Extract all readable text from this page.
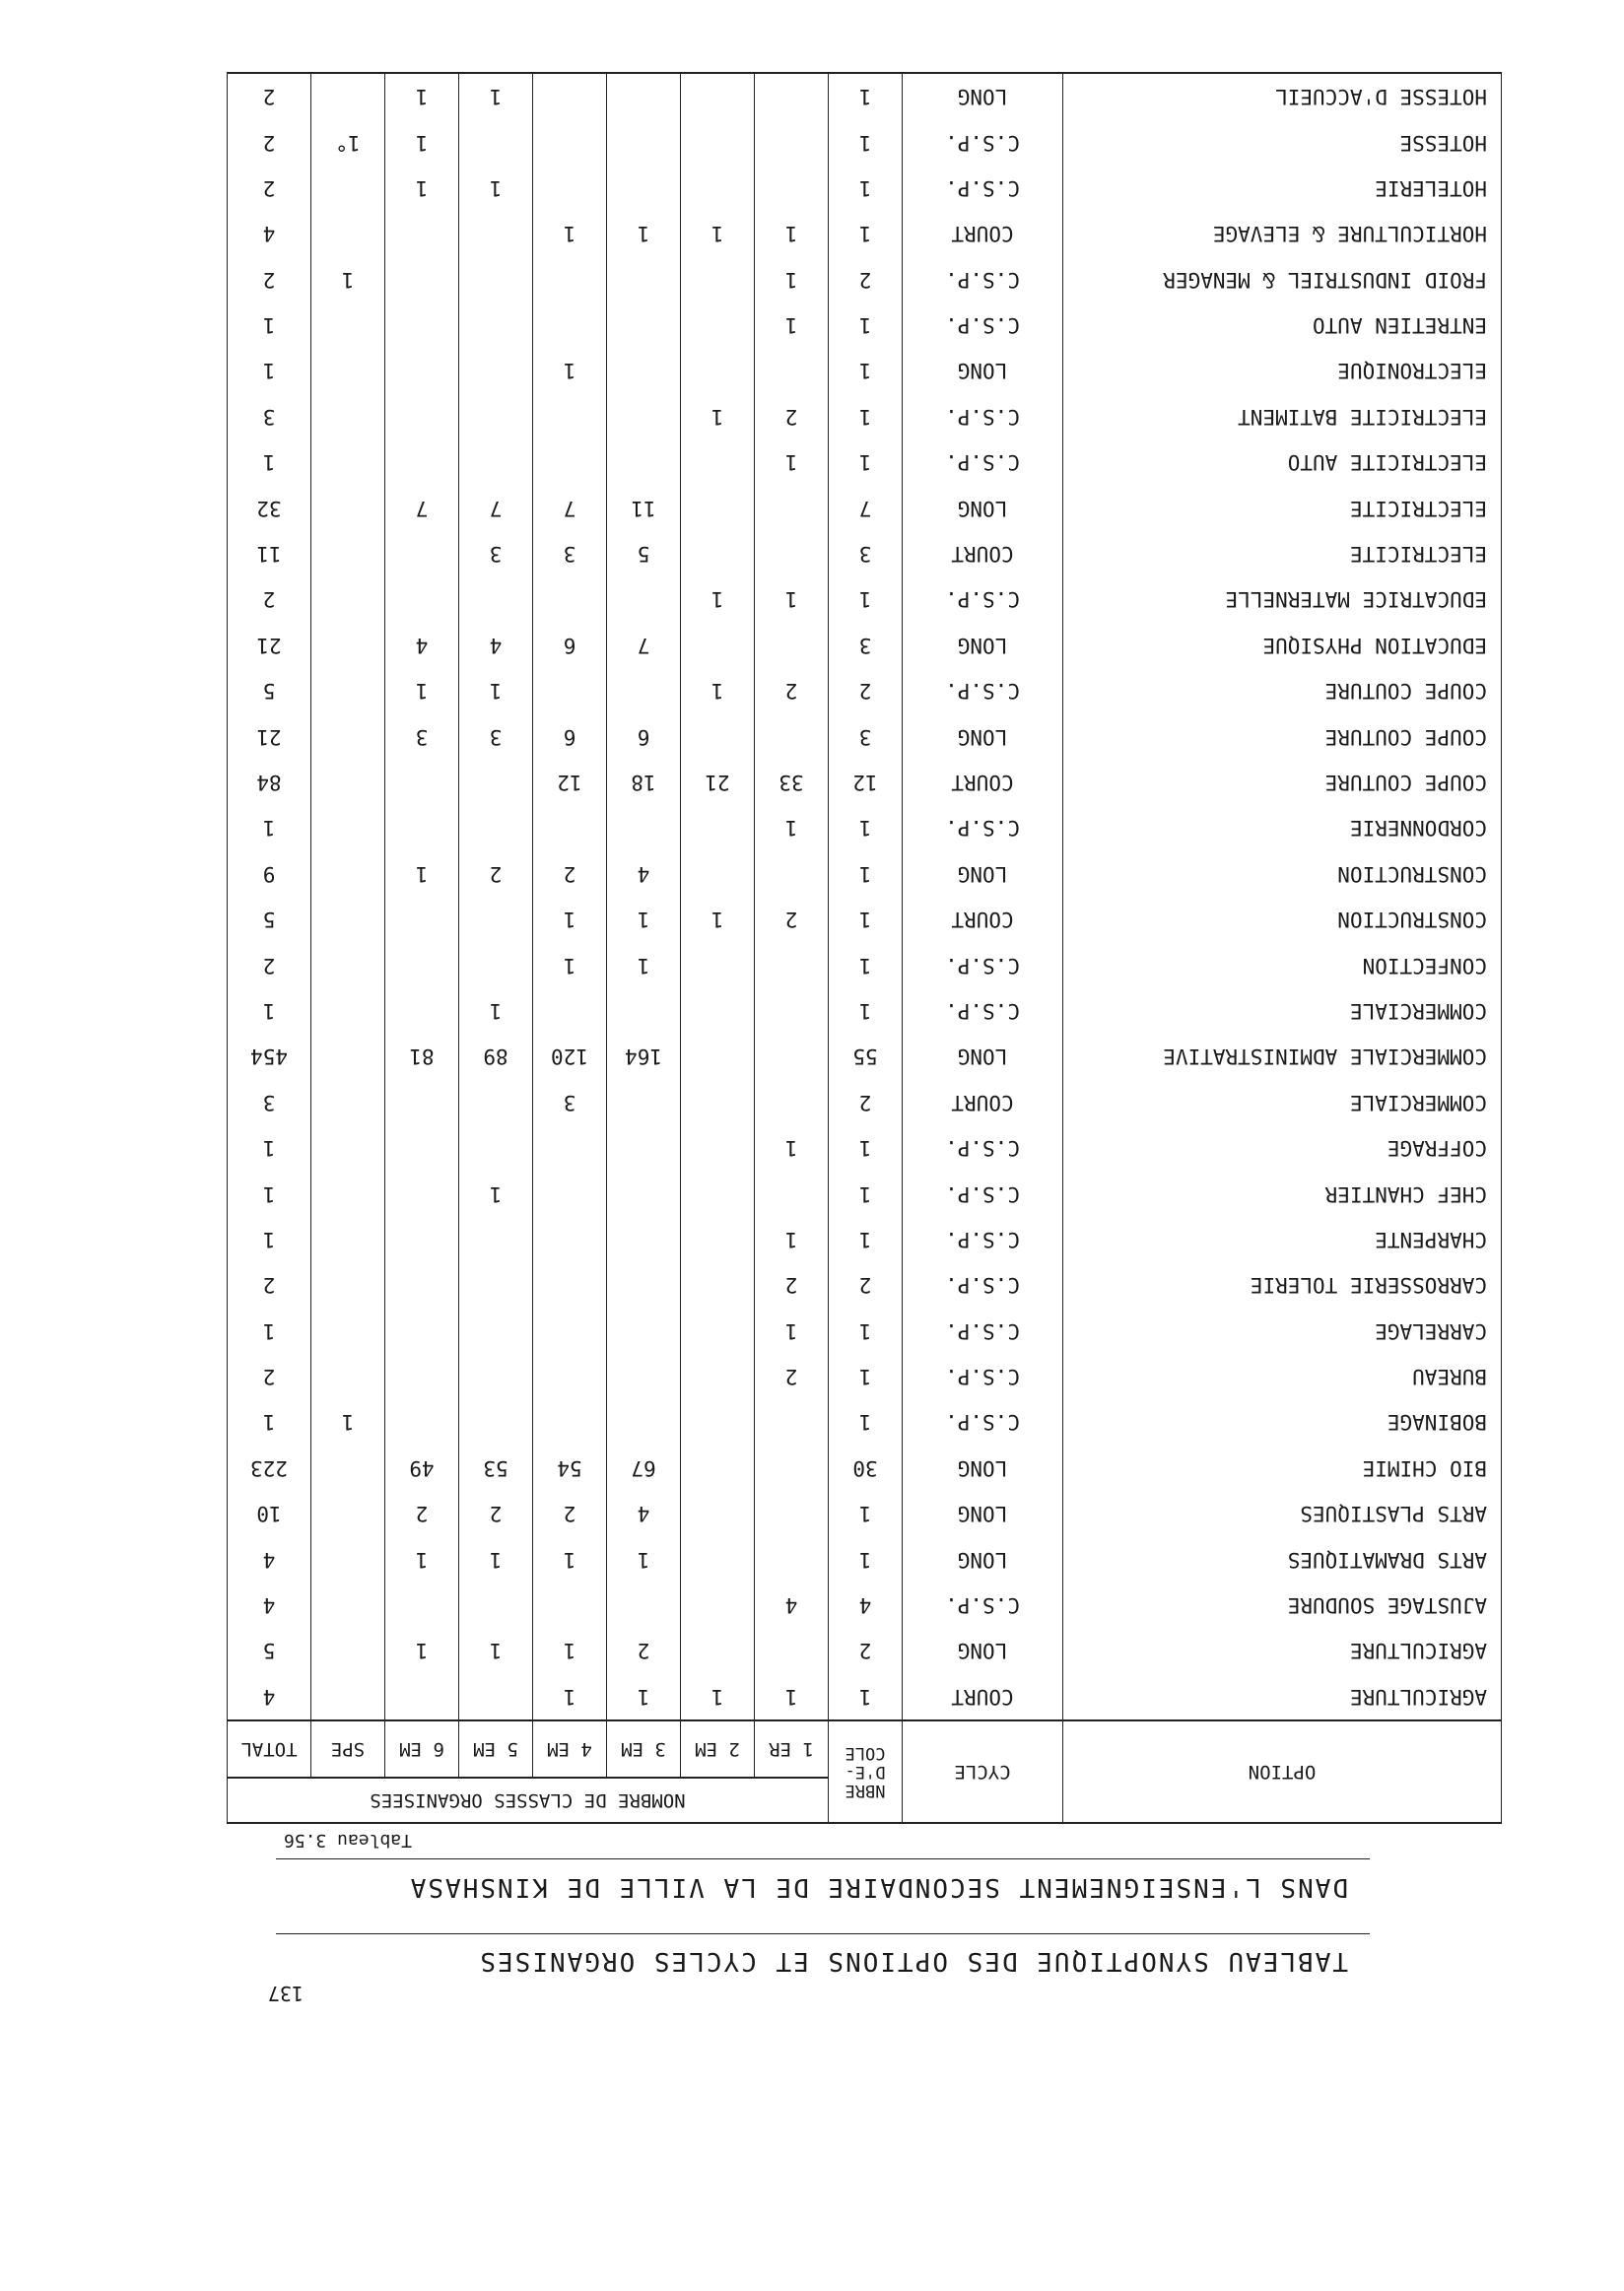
137
TABLEAU SYNOPTIQUE DES OPTIONS ET CYCLES ORGANISES
DANS L'ENSEIGNEMENT SECONDAIRE DE LA VILLE DE KINSHASA
Tableau 3.56
OPTION	CYCLE	NBRE D'E-COLE	NOMBRE DE CLASSES ORGANISEES							
			1 ER	2 EM	3 EM	4 EM	5 EM	6 EM	SPE	TOTAL
AGRICULTURE	COURT	1	1	1	1	1				4
AGRICULTURE	LONG	2			2	1	1	1		5
AJUSTAGE SOUDURE	C.S.P.	4	4							4
ARTS DRAMATIQUES	LONG	1			1	1	1	1		4
ARTS PLASTIQUES	LONG	1			4	2	2	2		10
BIO CHIMIE	LONG	30			67	54	53	49		223
BOBINAGE	C.S.P.	1							1	1
BUREAU	C.S.P.	1	2							2
CARRELAGE	C.S.P.	1	1							1
CARROSSERIE TOLERIE	C.S.P.	2	2							2
CHARPENTE	C.S.P.	1	1							1
CHEF CHANTIER	C.S.P.	1					1			1
COFFRAGE	C.S.P.	1	1							1
COMMERCIALE	COURT	2				3				3
COMMERCIALE ADMINISTRATIVE	LONG	55			164	120	89	81		454
COMMERCIALE	C.S.P.	1					1			1
CONFECTION	C.S.P.	1			1	1				2
CONSTRUCTION	COURT	1	2	1	1	1				5
CONSTRUCTION	LONG	1			4	2	2	1		9
CORDONNERIE	C.S.P.	1	1							1
COUPE COUTURE	COURT	12	33	21	18	12				84
COUPE COUTURE	LONG	3			6	6	3	3		21
COUPE COUTURE	C.S.P.	2	2	1			1	1		5
EDUCATION PHYSIQUE	LONG	3			7	6	4	4		21
EDUCATRICE MATERNELLE	C.S.P.	1	1	1						2
ELECTRICITE	COURT	3			5	3	3			11
ELECTRICITE	LONG	7			11	7	7	7		32
ELECTRICITE AUTO	C.S.P.	1	1							1
ELECTRICITE BATIMENT	C.S.P.	1	2	1						3
ELECTRONIQUE	LONG	1				1				1
ENTRETIEN AUTO	C.S.P.	1	1							1
FROID INDUSTRIEL & MENAGER	C.S.P.	2	1						1	2
HORTICULTURE & ELEVAGE	COURT	1	1	1	1	1				4
HOTELERIE	C.S.P.	1					1	1		2
HOTESSE	C.S.P.	1						1	1°	2
HOTESSE D'ACCUEIL	LONG	1					1	1		2
